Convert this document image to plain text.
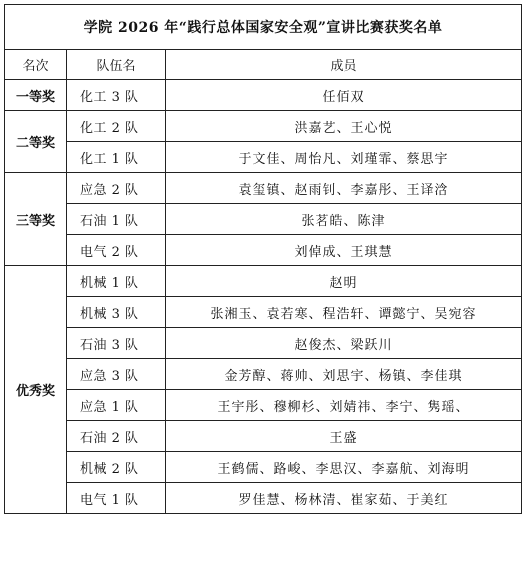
学院 2026 年“践行总体国家安全观”宣讲比赛获奖名单		
名次	队伍名	成员
一等奖	化工 3 队	任佰双
二等奖	化工 2 队	洪嘉艺、王心悦
	化工 1 队	于文佳、周怡凡、刘瑾霏、蔡思宇
三等奖	应急 2 队	袁玺镇、赵雨钊、李嘉彤、王译浛
	石油 1 队	张茗皓、陈津
	电气 2 队	刘倬成、王琪慧
优秀奖	机械 1 队	赵明
	机械 3 队	张湘玉、袁若寒、程浩轩、谭懿宁、吴宛容
	石油 3 队	赵俊杰、梁跃川
	应急 3 队	金芳醇、蒋帅、刘思宇、杨镇、李佳琪
	应急 1 队	王宇彤、穆柳杉、刘婧祎、李宁、隽瑶、
	石油 2 队	王盛
	机械 2 队	王鹤儒、路峻、李思汉、李嘉航、刘海明
	电气 1 队	罗佳慧、杨林清、崔家茹、于美红
